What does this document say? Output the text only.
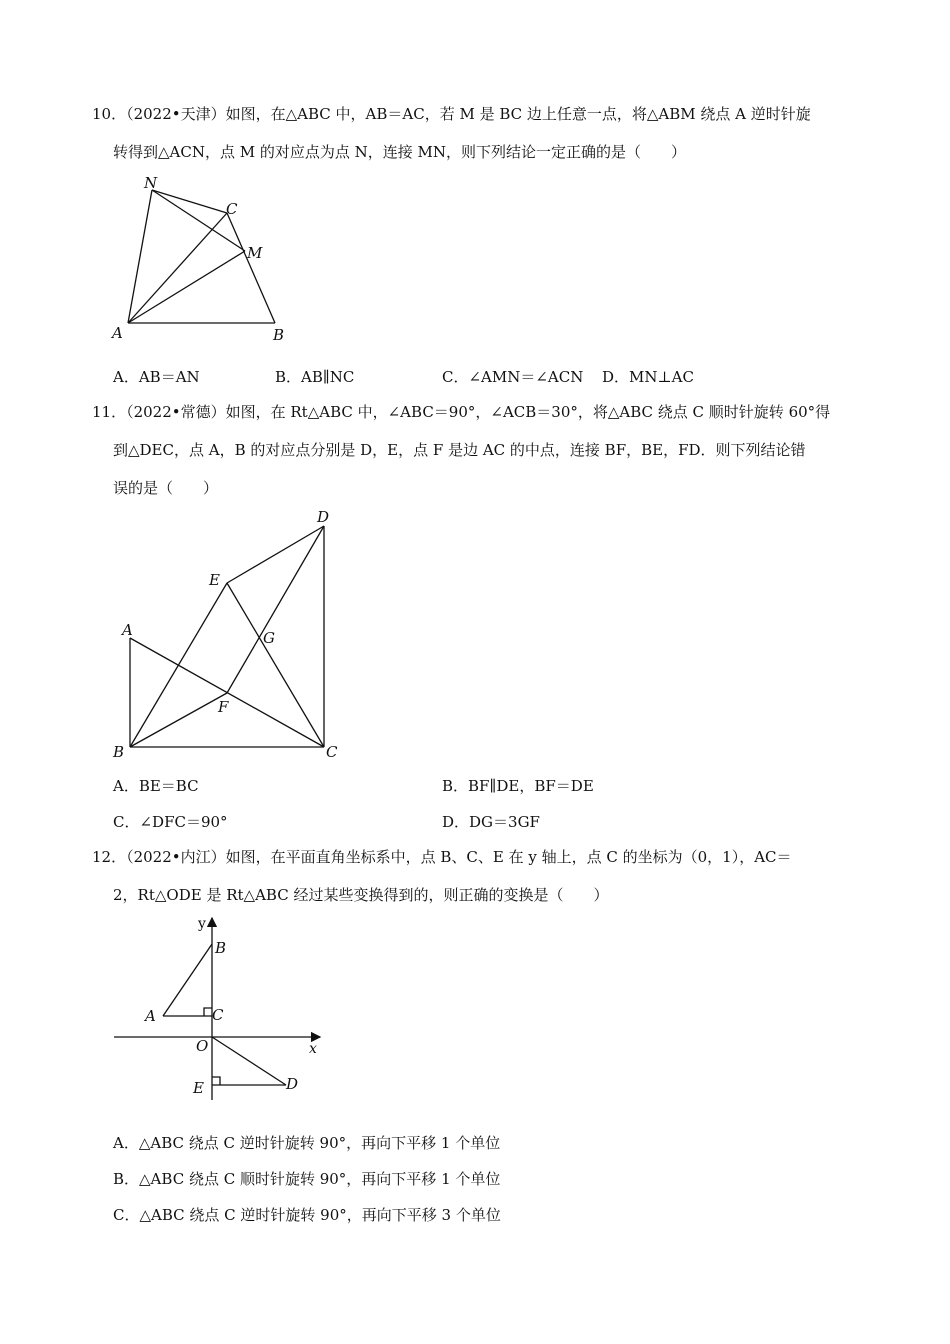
10．（2022•天津）如图，在△ABC 中，AB＝AC，若 M 是 BC 边上任意一点，将△ABM 绕点 A 逆时针旋
转得到△ACN，点 M 的对应点为点 N，连接 MN，则下列结论一定正确的是（　　）
N
C
M
A	B
A．AB＝AN	B．AB∥NC	C．∠AMN＝∠ACN D．MN⊥AC
11．（2022•常德）如图，在 Rt△ABC 中，∠ABC＝90°，∠ACB＝30°，将△ABC 绕点 C 顺时针旋转 60°得
到△DEC，点 A，B 的对应点分别是 D，E，点 F 是边 AC 的中点，连接 BF，BE，FD．则下列结论错
误的是（　　）
D
E
A	G
F
B	C
A．BE＝BC	B．BF∥DE，BF＝DE
C．∠DFC＝90°	D．DG＝3GF
12．（2022•内江）如图，在平面直角坐标系中，点 B、C、E 在 y 轴上，点 C 的坐标为（0，1），AC＝
2，Rt△ODE 是 Rt△ABC 经过某些变换得到的，则正确的变换是（　　）
y
B
A	C
O	x
E	D
A．△ABC 绕点 C 逆时针旋转 90°，再向下平移 1 个单位
B．△ABC 绕点 C 顺时针旋转 90°，再向下平移 1 个单位
C．△ABC 绕点 C 逆时针旋转 90°，再向下平移 3 个单位
